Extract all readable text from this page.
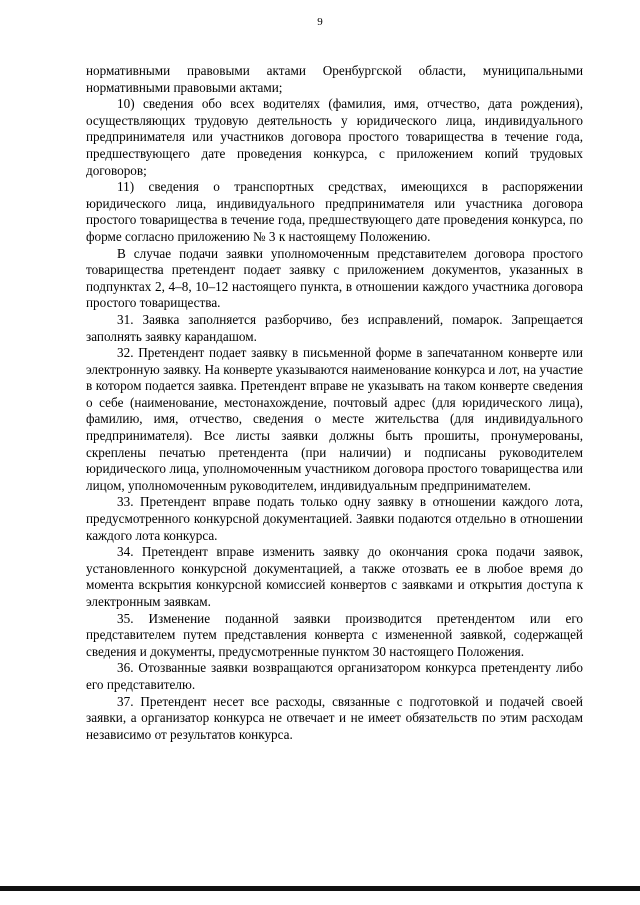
9

нормативными правовыми актами Оренбургской области, муниципальными нормативными правовыми актами;

10) сведения обо всех водителях (фамилия, имя, отчество, дата рождения), осуществляющих трудовую деятельность у юридического лица, индивидуального предпринимателя или участников договора простого товарищества в течение года, предшествующего дате проведения конкурса, с приложением копий трудовых договоров;

11) сведения о транспортных средствах, имеющихся в распоряжении юридического лица, индивидуального предпринимателя или участника договора простого товарищества в течение года, предшествующего дате проведения конкурса, по форме согласно приложению № 3 к настоящему Положению.

В случае подачи заявки уполномоченным представителем договора простого товарищества претендент подает заявку с приложением документов, указанных в подпунктах 2, 4–8, 10–12 настоящего пункта, в отношении каждого участника договора простого товарищества.

31. Заявка заполняется разборчиво, без исправлений, помарок. Запрещается заполнять заявку карандашом.

32. Претендент подает заявку в письменной форме в запечатанном конверте или электронную заявку. На конверте указываются наименование конкурса и лот, на участие в котором подается заявка. Претендент вправе не указывать на таком конверте сведения о себе (наименование, местонахождение, почтовый адрес (для юридического лица), фамилию, имя, отчество, сведения о месте жительства (для индивидуального предпринимателя). Все листы заявки должны быть прошиты, пронумерованы, скреплены печатью претендента (при наличии) и подписаны руководителем юридического лица, уполномоченным участником договора простого товарищества или лицом, уполномоченным руководителем, индивидуальным предпринимателем.

33. Претендент вправе подать только одну заявку в отношении каждого лота, предусмотренного конкурсной документацией. Заявки подаются отдельно в отношении каждого лота конкурса.

34. Претендент вправе изменить заявку до окончания срока подачи заявок, установленного конкурсной документацией, а также отозвать ее в любое время до момента вскрытия конкурсной комиссией конвертов с заявками и открытия доступа к электронным заявкам.

35. Изменение поданной заявки производится претендентом или его представителем путем представления конверта с измененной заявкой, содержащей сведения и документы, предусмотренные пунктом 30 настоящего Положения.

36. Отозванные заявки возвращаются организатором конкурса претенденту либо его представителю.

37. Претендент несет все расходы, связанные с подготовкой и подачей своей заявки, а организатор конкурса не отвечает и не имеет обязательств по этим расходам независимо от результатов конкурса.
